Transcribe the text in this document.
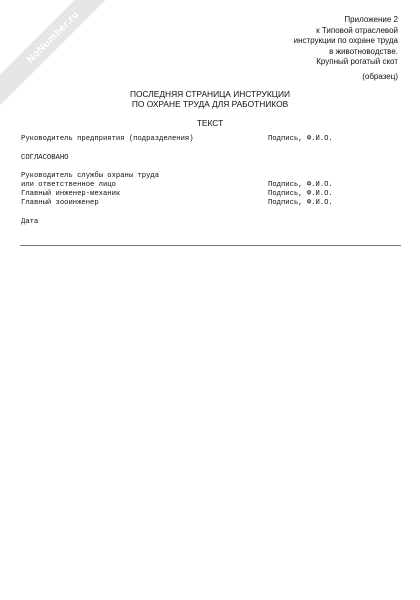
NoNumber.ru	Приложение 2
к Типовой отраслевой
инструкции по охране труда
в животноводстве.
Крупный рогатый скот
(образец)
ПОСЛЕДНЯЯ СТРАНИЦА ИНСТРУКЦИИ
ПО ОХРАНЕ ТРУДА ДЛЯ РАБОТНИКОВ
ТЕКСТ
Руководитель предприятия (подразделения)	Подпись, Ф.И.О.
СОГЛАСОВАНО
Руководитель службы охраны труда
или ответственное лицо	Подпись, Ф.И.О.
Главный инженер-механик	Подпись, Ф.И.О.
Главный зооинженер	Подпись, Ф.И.О.
Дата
